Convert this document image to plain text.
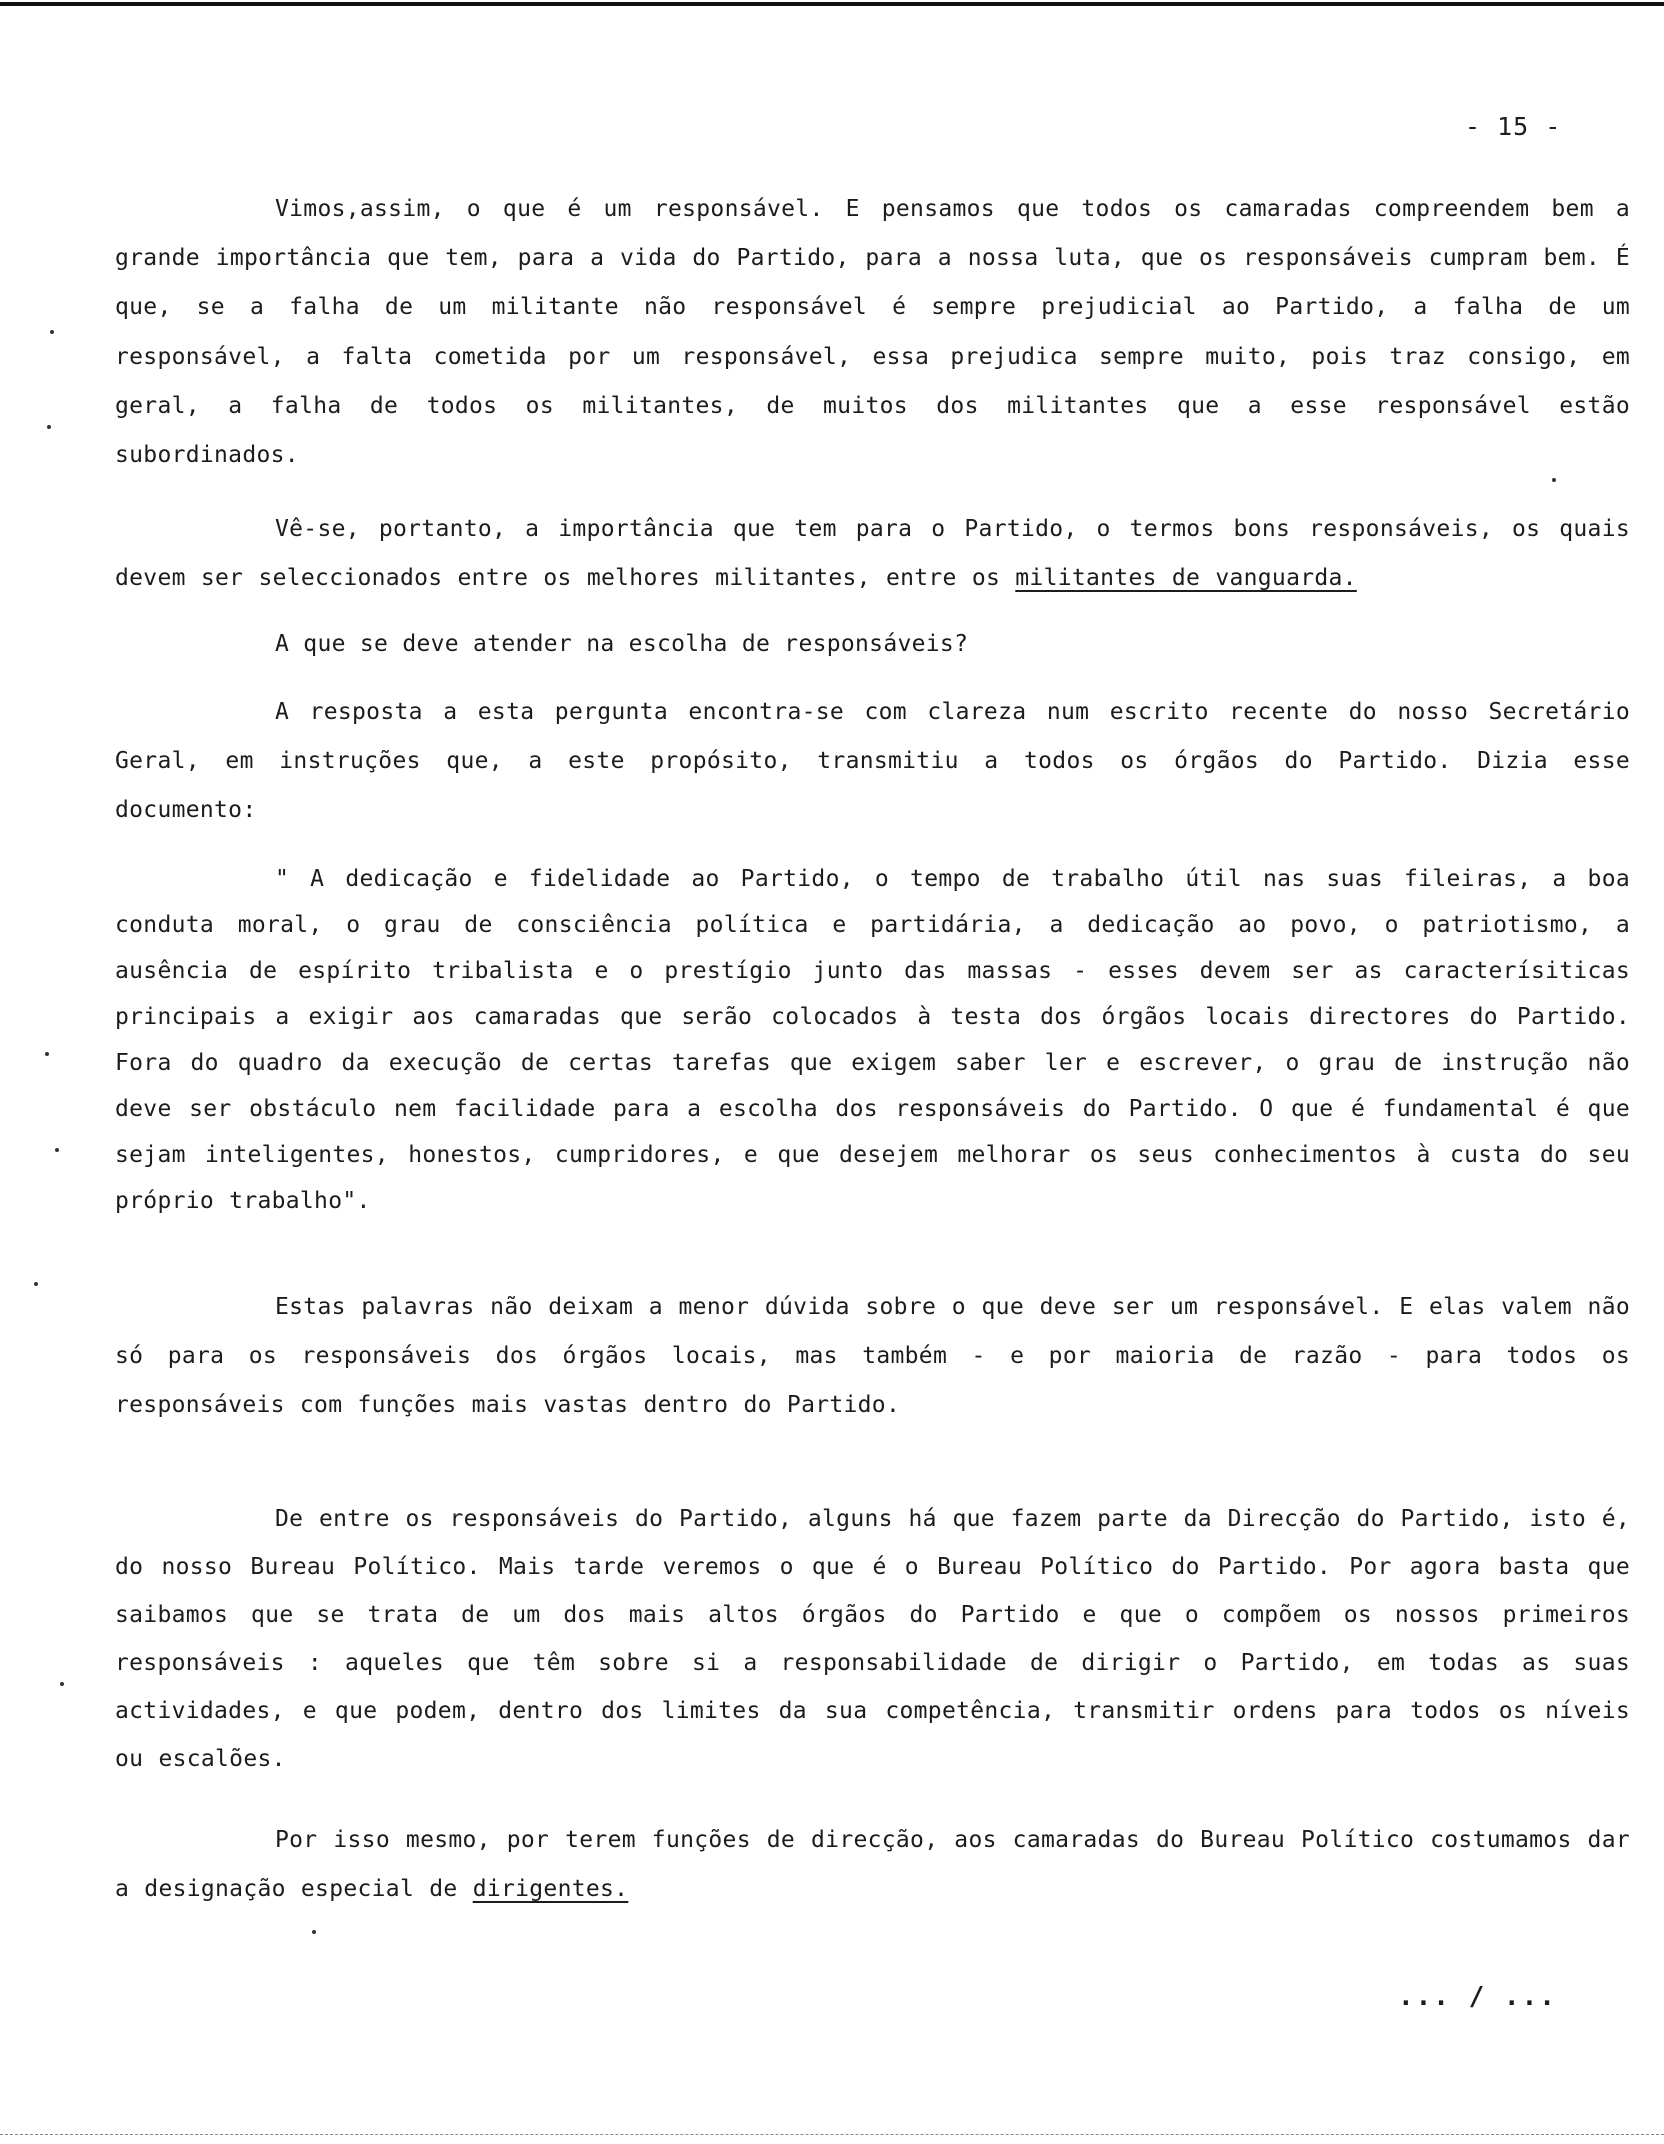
- 15 -

Vimos,assim, o que é um responsável. E pensamos que todos os camaradas compreendem bem a grande importância que tem, para a vida do Partido, para a nossa luta, que os responsáveis cumpram bem. É que, se a falha de um militante não responsável é sempre prejudicial ao Partido, a falha de um responsável, a falta cometida por um responsável, essa prejudica sempre muito, pois traz consigo, em geral, a falha de todos os militantes, de muitos dos militantes que a esse responsável estão subordinados.

Vê-se, portanto, a importância que tem para o Partido, o termos bons responsáveis, os quais devem ser seleccionados entre os melhores militantes, entre os militantes de vanguarda.

A que se deve atender na escolha de responsáveis?

A resposta a esta pergunta encontra-se com clareza num escrito recente do nosso Secretário Geral, em instruções que, a este propósito, transmitiu a todos os órgãos do Partido. Dizia esse documento:

" A dedicação e fidelidade ao Partido, o tempo de trabalho útil nas suas fileiras, a boa conduta moral, o grau de consciência política e partidária, a dedicação ao povo, o patriotismo, a ausência de espírito tribalista e o prestígio junto das massas - esses devem ser as caracterísiticas principais a exigir aos camaradas que serão colocados à testa dos órgãos locais directores do Partido. Fora do quadro da execução de certas tarefas que exigem saber ler e escrever, o grau de instrução não deve ser obstáculo nem facilidade para a escolha dos responsáveis do Partido. O que é fundamental é que sejam inteligentes, honestos, cumpridores, e que desejem melhorar os seus conhecimentos à custa do seu próprio trabalho".

Estas palavras não deixam a menor dúvida sobre o que deve ser um responsável. E elas valem não só para os responsáveis dos órgãos locais, mas também - e por maioria de razão - para todos os responsáveis com funções mais vastas dentro do Partido.

De entre os responsáveis do Partido, alguns há que fazem parte da Direcção do Partido, isto é, do nosso Bureau Político. Mais tarde veremos o que é o Bureau Político do Partido. Por agora basta que saibamos que se trata de um dos mais altos órgãos do Partido e que o compõem os nossos primeiros responsáveis : aqueles que têm sobre si a responsabilidade de dirigir o Partido, em todas as suas actividades, e que podem, dentro dos limites da sua competência, transmitir ordens para todos os níveis ou escalões.

Por isso mesmo, por terem funções de direcção, aos camaradas do Bureau Político costumamos dar a designação especial de dirigentes.

... / ...
